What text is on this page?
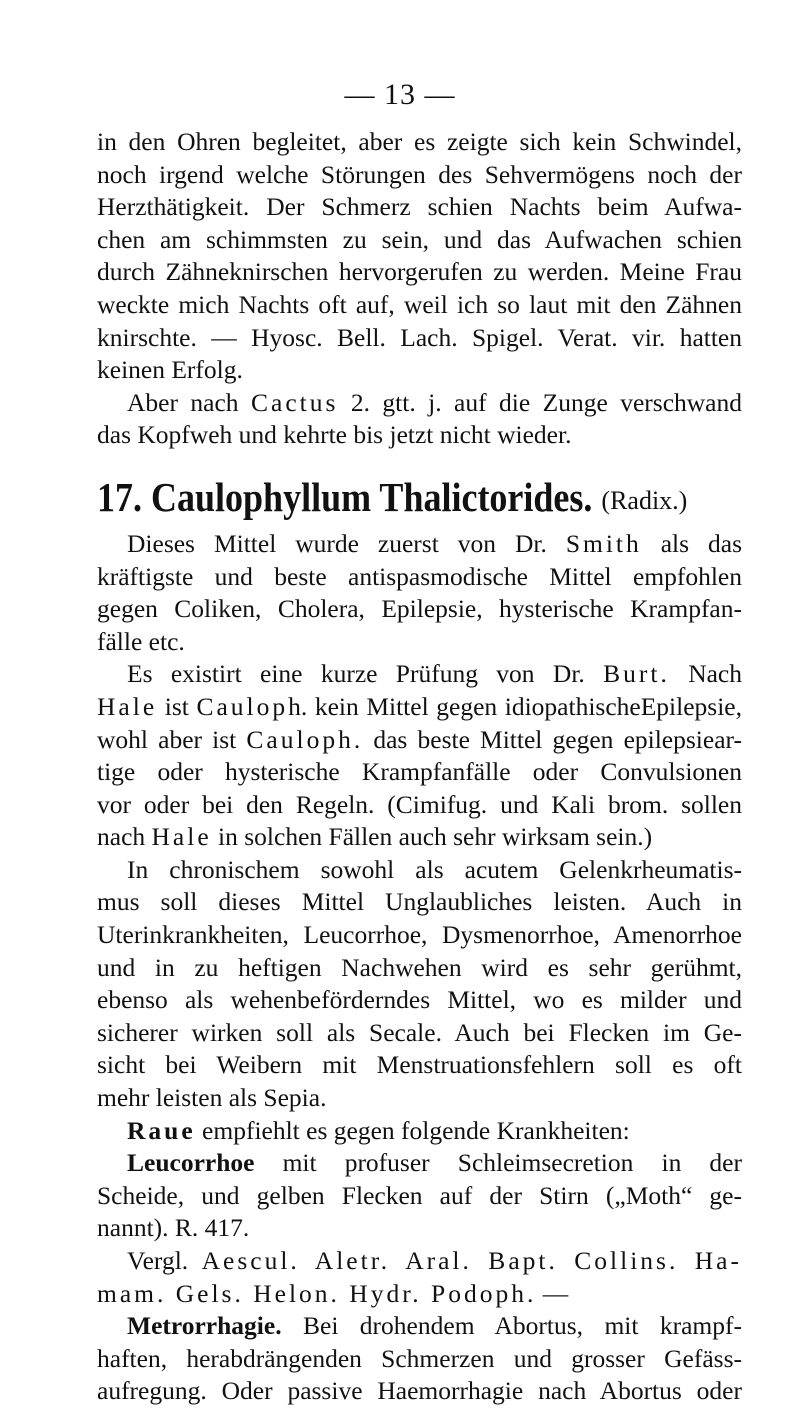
— 13 —
in den Ohren begleitet, aber es zeigte sich kein Schwindel,
noch irgend welche Störungen des Sehvermögens noch der
Herzthätigkeit. Der Schmerz schien Nachts beim Aufwa-
chen am schimmsten zu sein, und das Aufwachen schien
durch Zähneknirschen hervorgerufen zu werden. Meine Frau
weckte mich Nachts oft auf, weil ich so laut mit den Zähnen
knirschte. — Hyosc. Bell. Lach. Spigel. Verat. vir. hatten
keinen Erfolg.
Aber nach Cactus 2. gtt. j. auf die Zunge verschwand
das Kopfweh und kehrte bis jetzt nicht wieder.
17. Caulophyllum Thalictorides. (Radix.)
Dieses Mittel wurde zuerst von Dr. Smith als das
kräftigste und beste antispasmodische Mittel empfohlen
gegen Coliken, Cholera, Epilepsie, hysterische Krampfan-
fälle etc.
Es existirt eine kurze Prüfung von Dr. Burt. Nach
Hale ist Cauloph. kein Mittel gegen idiopathischeEpilepsie,
wohl aber ist Cauloph. das beste Mittel gegen epilepsiear-
tige oder hysterische Krampfanfälle oder Convulsionen
vor oder bei den Regeln. (Cimifug. und Kali brom. sollen
nach Hale in solchen Fällen auch sehr wirksam sein.)
In chronischem sowohl als acutem Gelenkrheumatis-
mus soll dieses Mittel Unglaubliches leisten. Auch in
Uterinkrankheiten, Leucorrhoe, Dysmenorrhoe, Amenorrhoe
und in zu heftigen Nachwehen wird es sehr gerühmt,
ebenso als wehenbeförderndes Mittel, wo es milder und
sicherer wirken soll als Secale. Auch bei Flecken im Ge-
sicht bei Weibern mit Menstruationsfehlern soll es oft
mehr leisten als Sepia.
Raue empfiehlt es gegen folgende Krankheiten:
Leucorrhoe mit profuser Schleimsecretion in der
Scheide, und gelben Flecken auf der Stirn („Moth“ ge-
nannt). R. 417.
Vergl. Aescul. Aletr. Aral. Bapt. Collins. Ha-
mam. Gels. Helon. Hydr. Podoph. —
Metrorrhagie. Bei drohendem Abortus, mit krampf-
haften, herabdrängenden Schmerzen und grosser Gefäss-
aufregung. Oder passive Haemorrhagie nach Abortus oder
